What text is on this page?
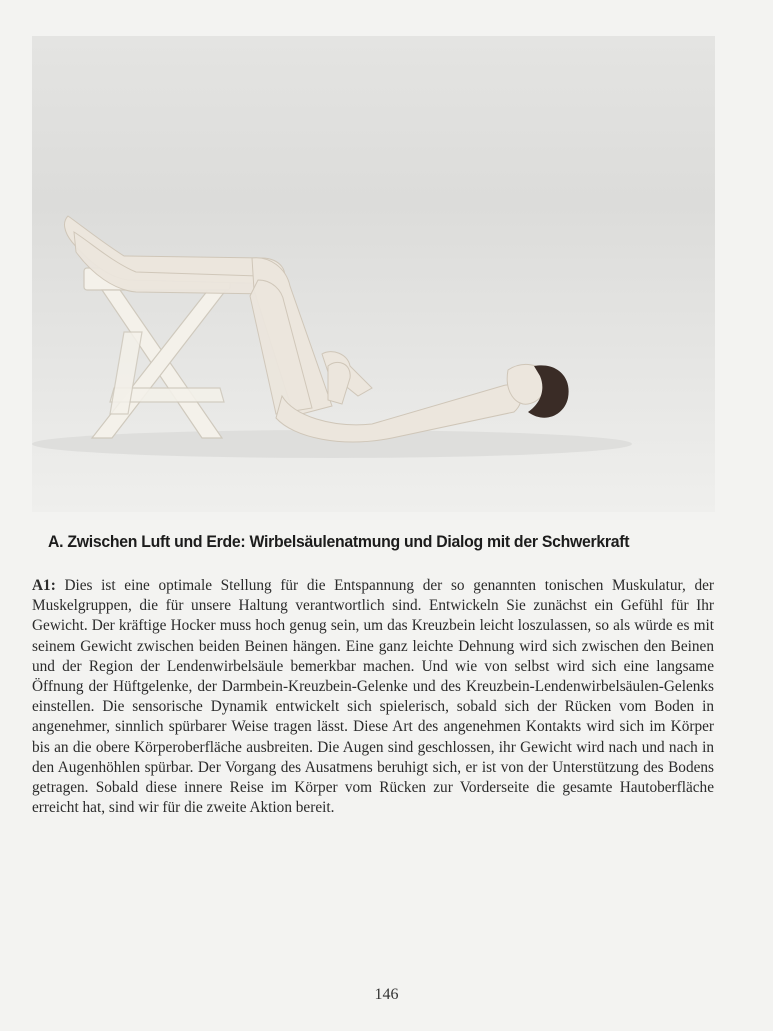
A. Zwischen Luft und Erde: Wirbelsäulenatmung und Dialog mit der Schwerkraft

A1: Dies ist eine optimale Stellung für die Entspannung der so genannten tonischen Muskulatur, der Muskelgruppen, die für unsere Haltung verantwortlich sind. Entwickeln Sie zunächst ein Gefühl für Ihr Gewicht. Der kräftige Hocker muss hoch genug sein, um das Kreuzbein leicht loszulassen, so als würde es mit seinem Gewicht zwischen beiden Beinen hängen. Eine ganz leichte Dehnung wird sich zwischen den Beinen und der Region der Lendenwirbelsäule bemerkbar machen. Und wie von selbst wird sich eine langsame Öffnung der Hüftgelenke, der Darmbein-Kreuzbein-Gelenke und des Kreuzbein-Lendenwirbelsäulen-Gelenks einstellen. Die sensorische Dynamik entwickelt sich spielerisch, sobald sich der Rücken vom Boden in angenehmer, sinnlich spürbarer Weise tragen lässt. Diese Art des angenehmen Kontakts wird sich im Körper bis an die obere Körperoberfläche ausbreiten. Die Augen sind geschlossen, ihr Gewicht wird nach und nach in den Augenhöhlen spürbar. Der Vorgang des Ausatmens beruhigt sich, er ist von der Unterstützung des Bodens getragen. Sobald diese innere Reise im Körper vom Rücken zur Vorderseite die gesamte Hautoberfläche erreicht hat, sind wir für die zweite Aktion bereit.

146
